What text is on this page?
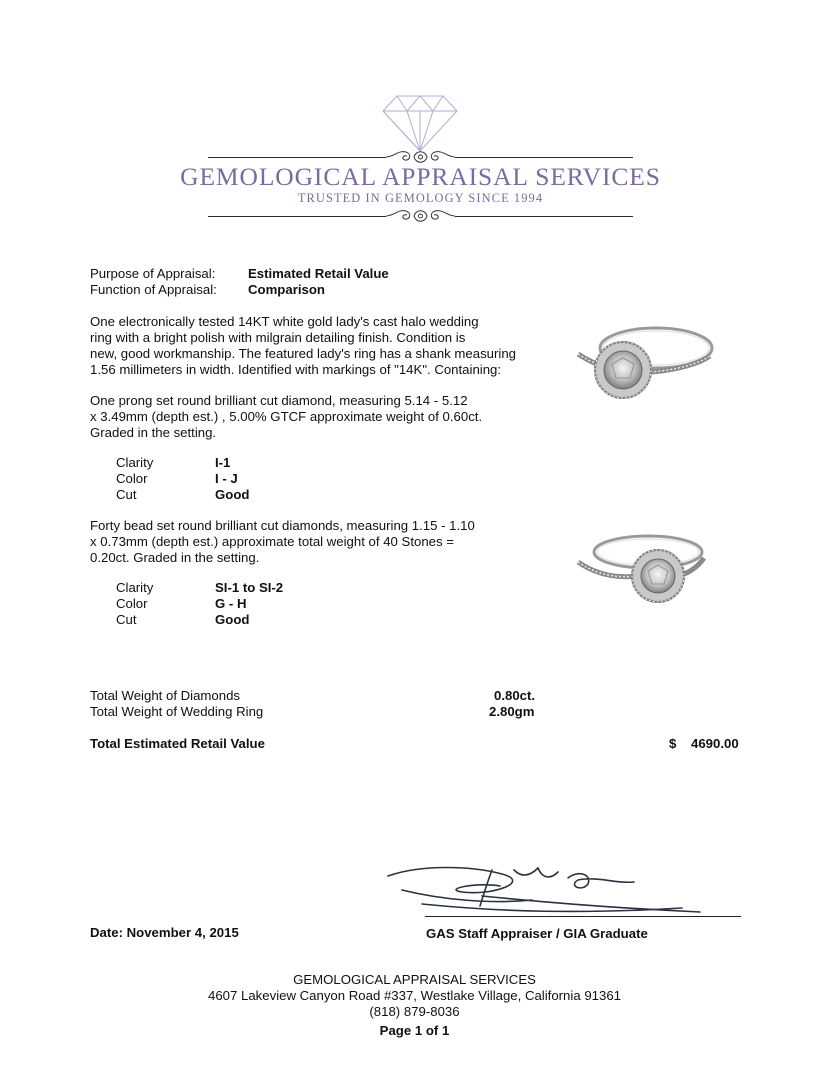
GEMOLOGICAL APPRAISAL SERVICES
TRUSTED IN GEMOLOGY SINCE 1994
Purpose of Appraisal: Estimated Retail Value
Function of Appraisal: Comparison
One electronically tested 14KT white gold lady's cast halo wedding
ring with a bright polish with milgrain detailing finish. Condition is
new, good workmanship. The featured lady's ring has a shank measuring
1.56 millimeters in width. Identified with markings of "14K". Containing:
One prong set round brilliant cut diamond, measuring 5.14 - 5.12
x 3.49mm (depth est.) , 5.00% GTCF approximate weight of 0.60ct.
Graded in the setting.
Clarity	I-1
Color	I - J
Cut	Good
Forty bead set round brilliant cut diamonds, measuring 1.15 - 1.10
x 0.73mm (depth est.) approximate total weight of 40 Stones =
0.20ct. Graded in the setting.
Clarity	SI-1 to SI-2
Color	G - H
Cut	Good
Total Weight of Diamonds	0.80ct.
Total Weight of Wedding Ring	2.80gm
Total Estimated Retail Value	$ 4690.00
Date: November 4, 2015	GAS Staff Appraiser / GIA Graduate
GEMOLOGICAL APPRAISAL SERVICES
4607 Lakeview Canyon Road #337, Westlake Village, California 91361
(818) 879-8036
Page 1 of 1
